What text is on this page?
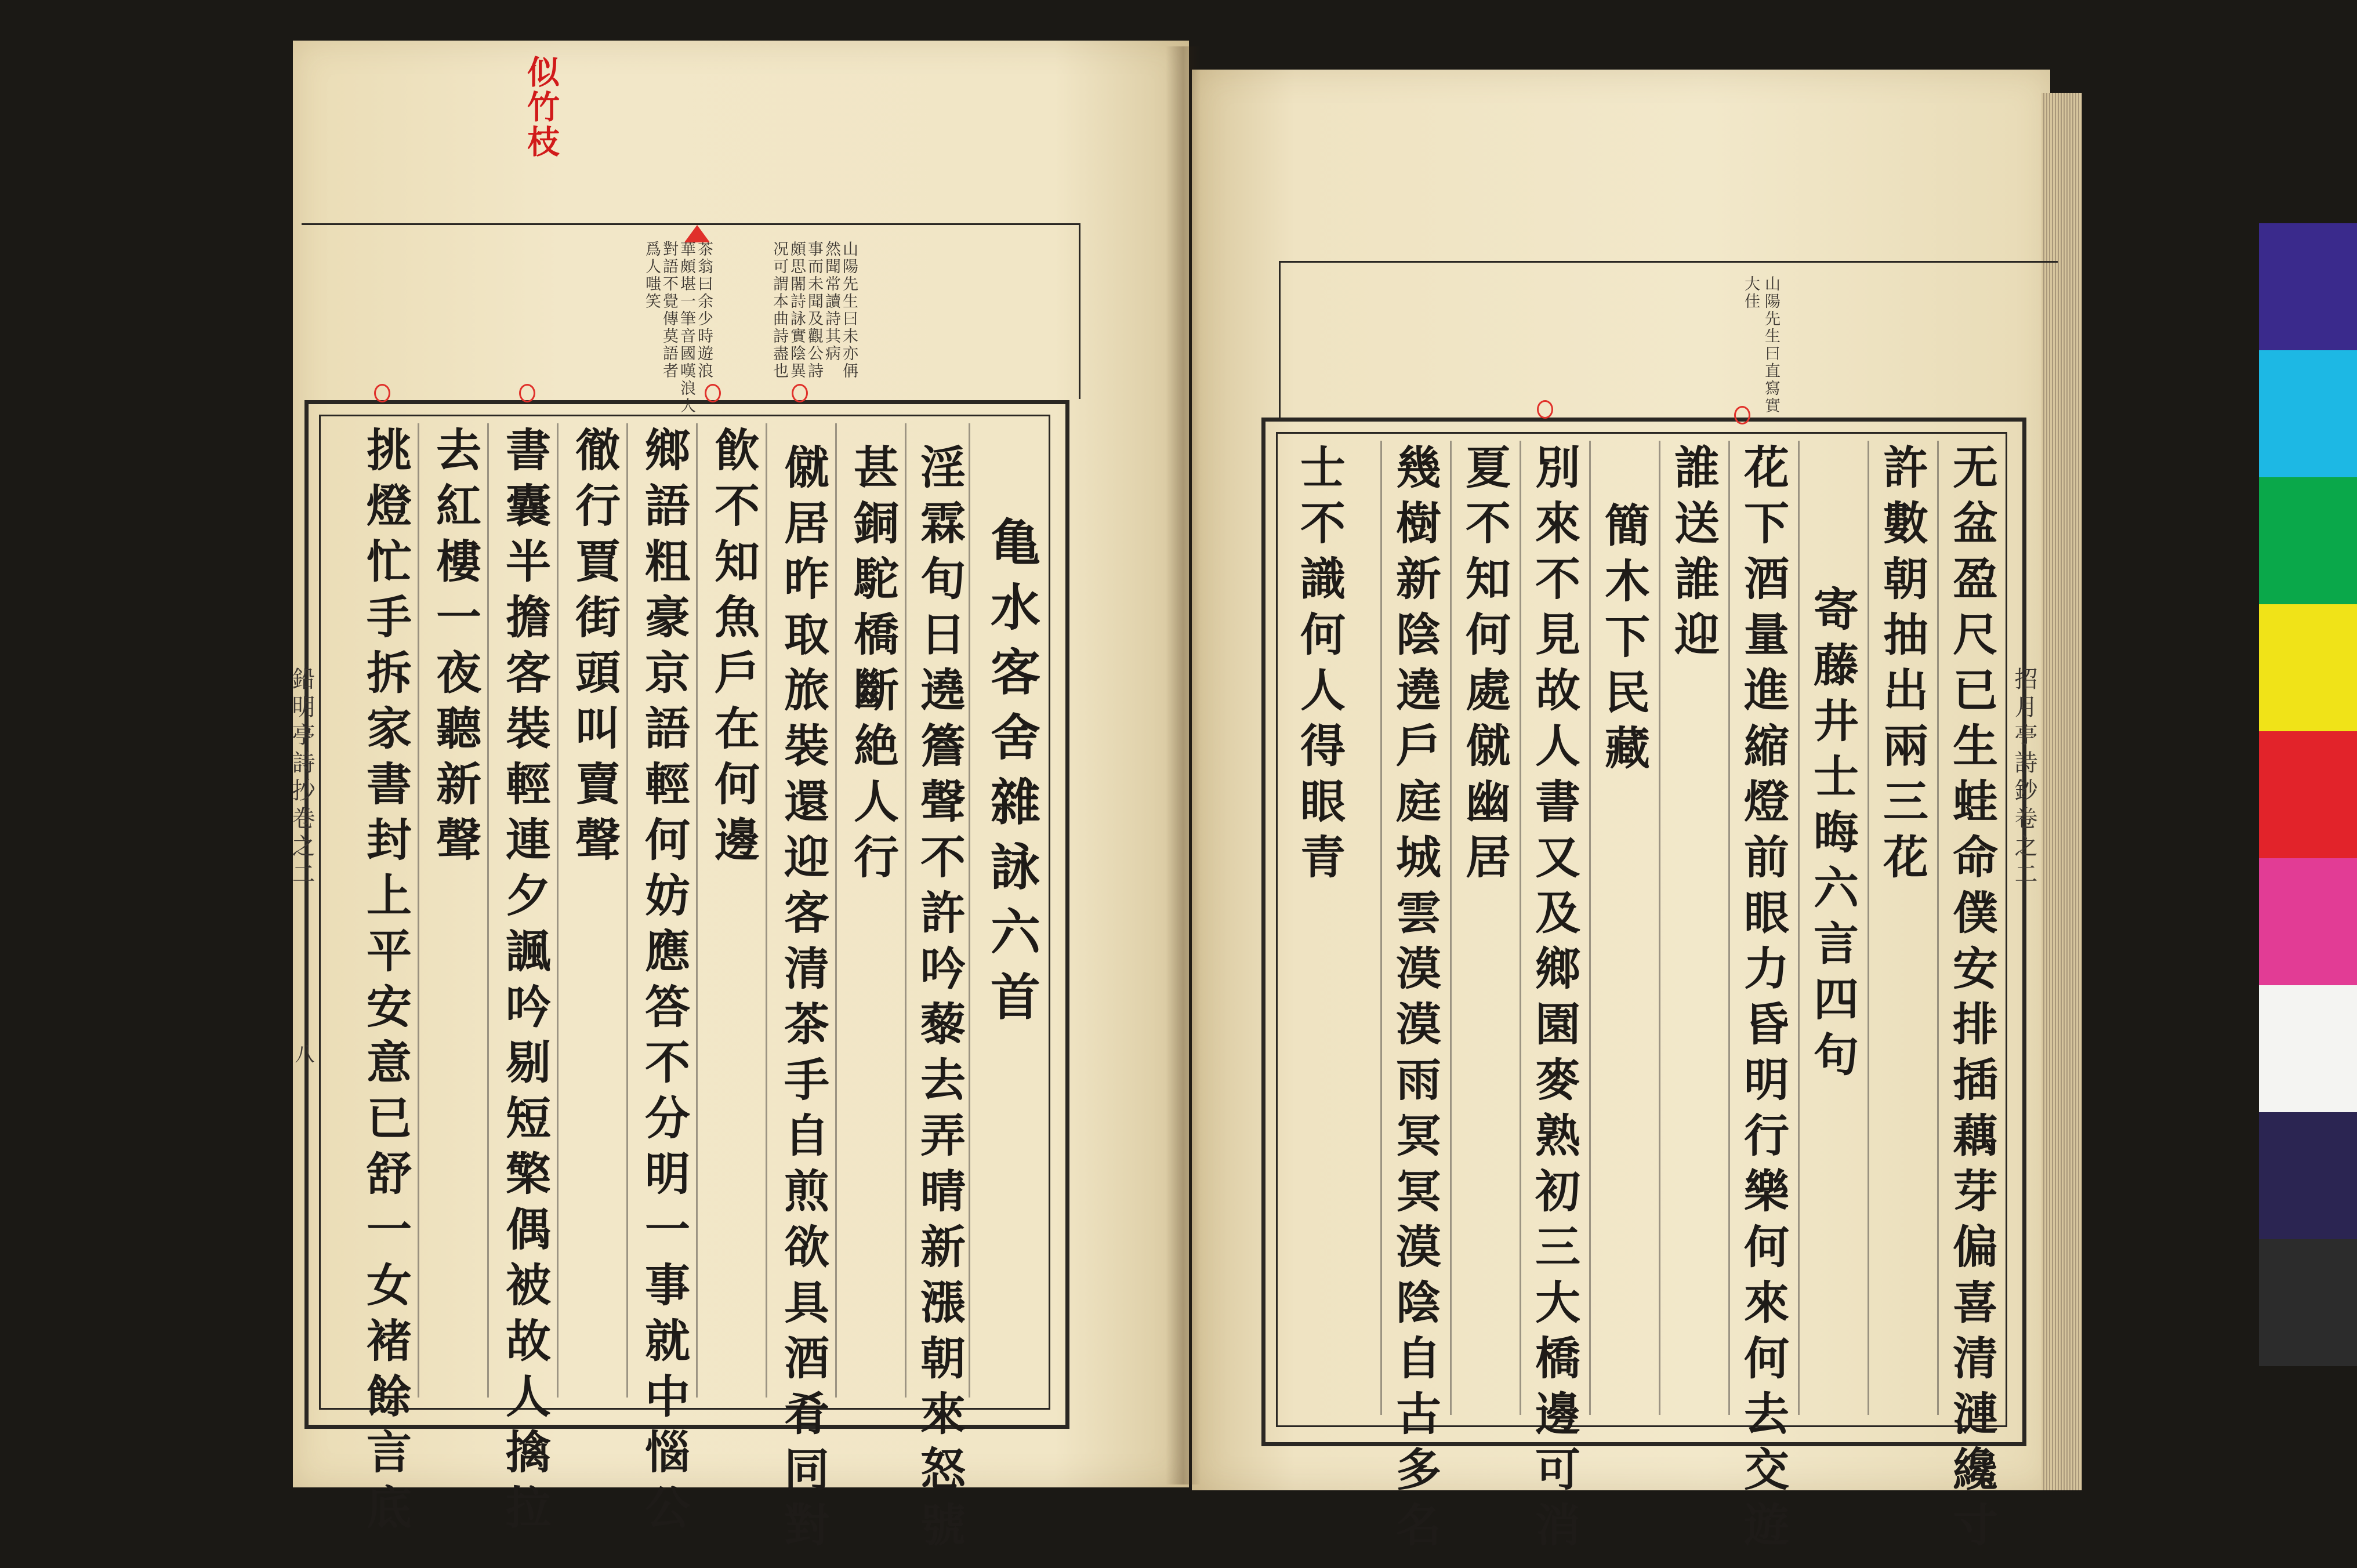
似竹枝
山陽先生曰未亦侢
然聞常讀詩其病
事而未聞及觀公詩
頗思闍詩詠實陰異
况可謂本曲詩盡也
茶翁曰余少時遊浪
華頗堪一筆音國嘆浪人
對語不覺傳莫語者
爲人嗤笑
亀水客舍雜詠六首
淫霖旬日遶簷聲不許吟藜去弄晴新漲朝來怒號
甚銅駝橋斷絶人行
僦居昨取旅裝還迎客清茶手自煎欲具酒肴同對
飮不知魚戶在何邊
鄉語粗豪京語輕何妨應答不分明一事就中惱公
徹行賈街頭叫賣聲
書囊半擔客裝輕連夕諷吟剔短檠偶被故人擒拉
去紅樓一夜聽新聲
挑燈忙手拆家書封上平安意已舒一女褚餘言底
鉛明亭詩抄卷之二
八
山陽先生曰直寫實
大佳
无盆盈尺已生蛙命僕安排插藕芽偏喜清漣纔寸
許數朝抽出兩三花
寄藤井士晦六言四句
花下酒量進縮燈前眼力昏明行樂何來何去交遊
誰送誰迎
簡木下民藏
別來不見故人書又及鄉園麥熟初三大橋邊可消
夏不知何處僦幽居
幾樹新陰遶戶庭城雲漠漠雨冥冥漠陰自古多名
士不識何人得眼青	招月亭詩鈔卷之二
